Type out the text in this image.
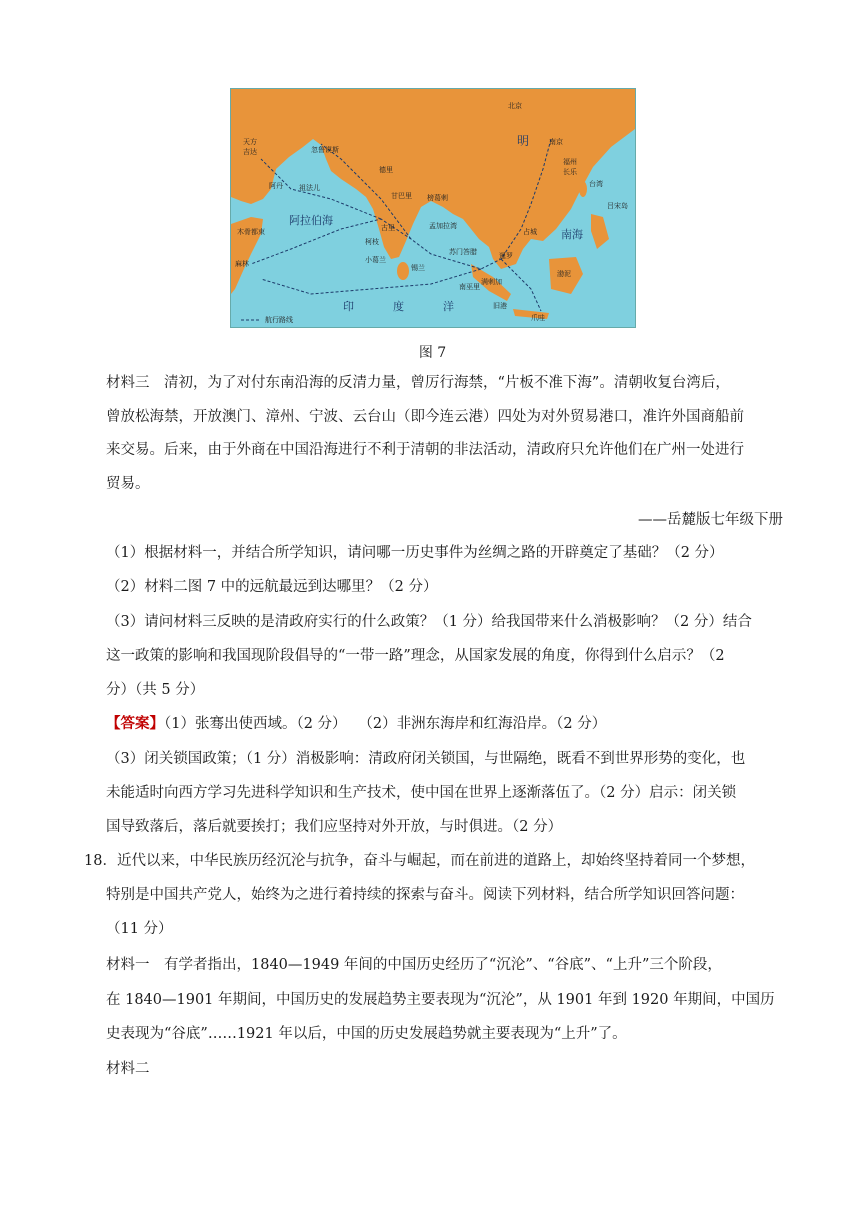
北京
明	南京
福州
长乐
台湾
忽鲁谟斯
天方
吉达
阿丹 祖法儿
德里
甘巴里 榜葛剌
暹罗
南巫里
古里
柯枝
小葛兰
锡兰
苏门答腊
满剌加
占城
旧港
渤泥
爪哇
木骨都束
麻林
吕宋岛
孟加拉湾
阿拉伯海
南海
印	度	洋
航行路线
图 7
材料三　清初，为了对付东南沿海的反清力量，曾厉行海禁，“片板不准下海”。清朝收复台湾后，
曾放松海禁，开放澳门、漳州、宁波、云台山（即今连云港）四处为对外贸易港口，准许外国商船前
来交易。后来，由于外商在中国沿海进行不利于清朝的非法活动，清政府只允许他们在广州一处进行
贸易。
——岳麓版七年级下册
（1）根据材料一，并结合所学知识，请问哪一历史事件为丝绸之路的开辟奠定了基础？（2 分）
（2）材料二图 7 中的远航最远到达哪里？（2 分）
（3）请问材料三反映的是清政府实行的什么政策？（1 分）给我国带来什么消极影响？（2 分）结合
这一政策的影响和我国现阶段倡导的“一带一路”理念，从国家发展的角度，你得到什么启示？（2
分）（共 5 分）
【答案】（1）张骞出使西域。（2 分）　 （2）非洲东海岸和红海沿岸。（2 分）
（3）闭关锁国政策；（1 分）消极影响：清政府闭关锁国，与世隔绝，既看不到世界形势的变化，也
未能适时向西方学习先进科学知识和生产技术，使中国在世界上逐渐落伍了。（2 分）启示：闭关锁
国导致落后，落后就要挨打；我们应坚持对外开放，与时俱进。（2 分）
18．近代以来，中华民族历经沉沦与抗争，奋斗与崛起，而在前进的道路上，却始终坚持着同一个梦想，
特别是中国共产党人，始终为之进行着持续的探索与奋斗。阅读下列材料，结合所学知识回答问题：
（11 分）
材料一　有学者指出，1840—1949 年间的中国历史经历了“沉沦”、“谷底”、“上升”三个阶段，
在 1840—1901 年期间，中国历史的发展趋势主要表现为“沉沦”，从 1901 年到 1920 年期间，中国历
史表现为“谷底”……1921 年以后，中国的历史发展趋势就主要表现为“上升”了。
材料二
